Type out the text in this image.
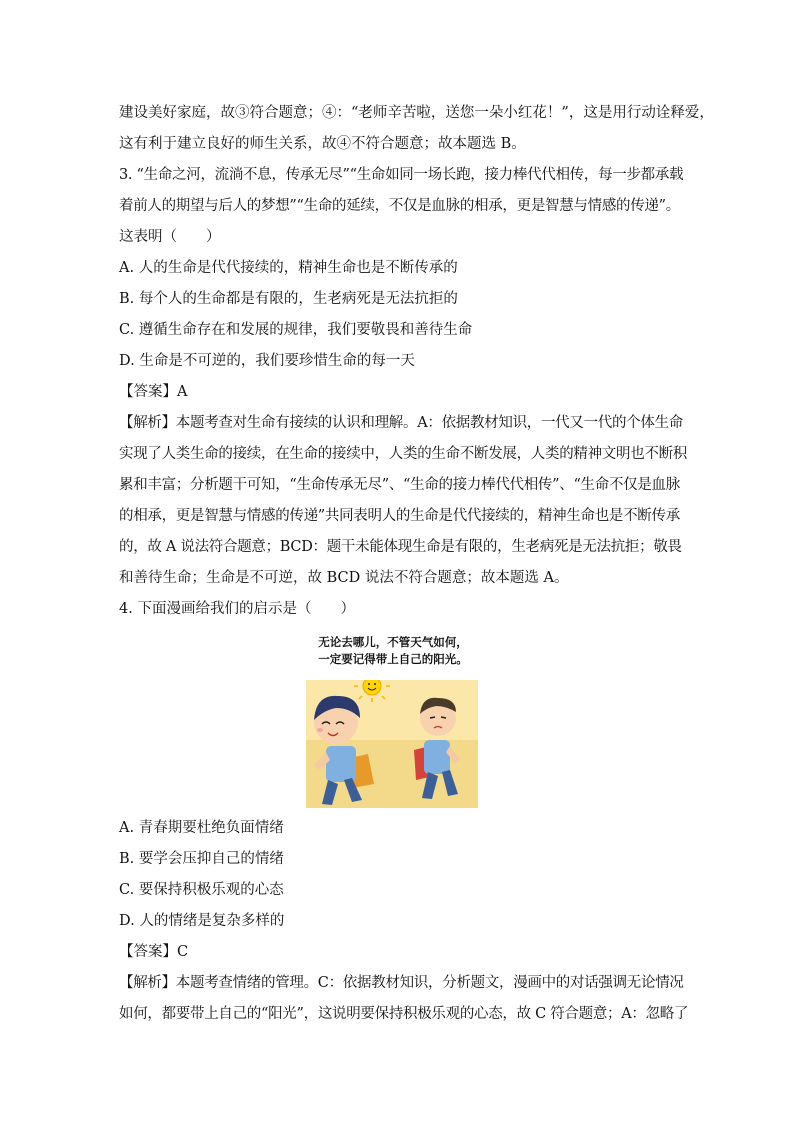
建设美好家庭，故③符合题意；④：“老师辛苦啦，送您一朵小红花！”，这是用行动诠释爱，
这有利于建立良好的师生关系，故④不符合题意；故本题选 B。
3. “生命之河，流淌不息，传承无尽”“生命如同一场长跑，接力棒代代相传，每一步都承载
着前人的期望与后人的梦想”“生命的延续，不仅是血脉的相承，更是智慧与情感的传递”。
这表明（　　）
A. 人的生命是代代接续的，精神生命也是不断传承的
B. 每个人的生命都是有限的，生老病死是无法抗拒的
C. 遵循生命存在和发展的规律，我们要敬畏和善待生命
D. 生命是不可逆的，我们要珍惜生命的每一天
【答案】A
【解析】本题考查对生命有接续的认识和理解。A：依据教材知识，一代又一代的个体生命
实现了人类生命的接续，在生命的接续中，人类的生命不断发展，人类的精神文明也不断积
累和丰富；分析题干可知，“生命传承无尽”、“生命的接力棒代代相传”、“生命不仅是血脉
的相承，更是智慧与情感的传递”共同表明人的生命是代代接续的，精神生命也是不断传承
的，故 A 说法符合题意；BCD：题干未能体现生命是有限的，生老病死是无法抗拒；敬畏
和善待生命；生命是不可逆，故 BCD 说法不符合题意；故本题选 A。
4. 下面漫画给我们的启示是（　　）
无论去哪儿，不管天气如何，
一定要记得带上自己的阳光。
A. 青春期要杜绝负面情绪
B. 要学会压抑自己的情绪
C. 要保持积极乐观的心态
D. 人的情绪是复杂多样的
【答案】C
【解析】本题考查情绪的管理。C：依据教材知识，分析题文，漫画中的对话强调无论情况
如何，都要带上自己的“阳光”，这说明要保持积极乐观的心态，故 C 符合题意；A：忽略了
